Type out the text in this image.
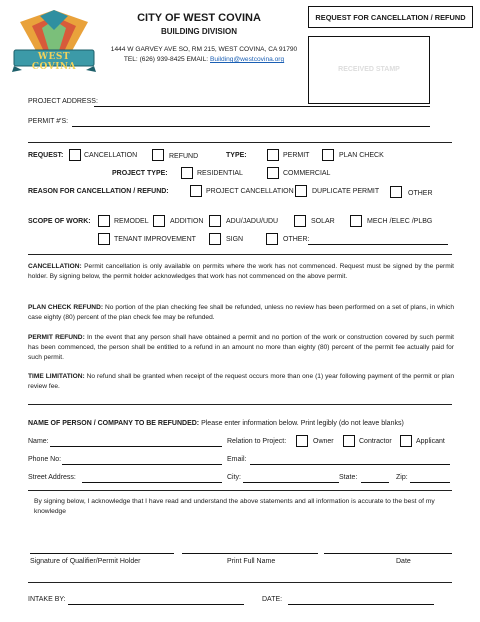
WEST COVINA
CITY OF WEST COVINA
BUILDING DIVISION
1444 W GARVEY AVE SO, RM 215, WEST COVINA, CA 91790
TEL: (626) 939-8425 EMAIL: Building@westcovina.org
REQUEST FOR CANCELLATION / REFUND
RECEIVED STAMP
PROJECT ADDRESS:
PERMIT #'S:
REQUEST:	CANCELLATION	REFUND	TYPE:	PERMIT	PLAN CHECK
PROJECT TYPE:	RESIDENTIAL	COMMERCIAL
REASON FOR CANCELLATION / REFUND:	PROJECT CANCELLATION	DUPLICATE PERMIT	OTHER
SCOPE OF WORK:	REMODEL	ADDITION	ADU/JADU/UDU	SOLAR	MECH /ELEC /PLBG
TENANT IMPROVEMENT	SIGN	OTHER:
CANCELLATION: Permit cancellation is only available on permits where the work has not commenced. Request must be signed by the permit holder. By signing below, the permit holder acknowledges that work has not commenced on the above permit.
PLAN CHECK REFUND: No portion of the plan checking fee shall be refunded, unless no review has been performed on a set of plans, in which case eighty (80) percent of the plan check fee may be refunded.
PERMIT REFUND: In the event that any person shall have obtained a permit and no portion of the work or construction covered by such permit has been commenced, the person shall be entitled to a refund in an amount no more than eighty (80) percent of the permit fee actually paid for such permit.
TIME LIMITATION: No refund shall be granted when receipt of the request occurs more than one (1) year following payment of the permit or plan review fee.
NAME OF PERSON / COMPANY TO BE REFUNDED: Please enter information below. Print legibly (do not leave blanks)
Name:	Relation to Project:	Owner	Contractor	Applicant
Phone No:	Email:
Street Address:	City:	State:	Zip:
By signing below, I acknowledge that I have read and understand the above statements and all information is accurate to the best of my knowledge
Signature of Qualifier/Permit Holder	Print Full Name	Date
INTAKE BY:	DATE:
